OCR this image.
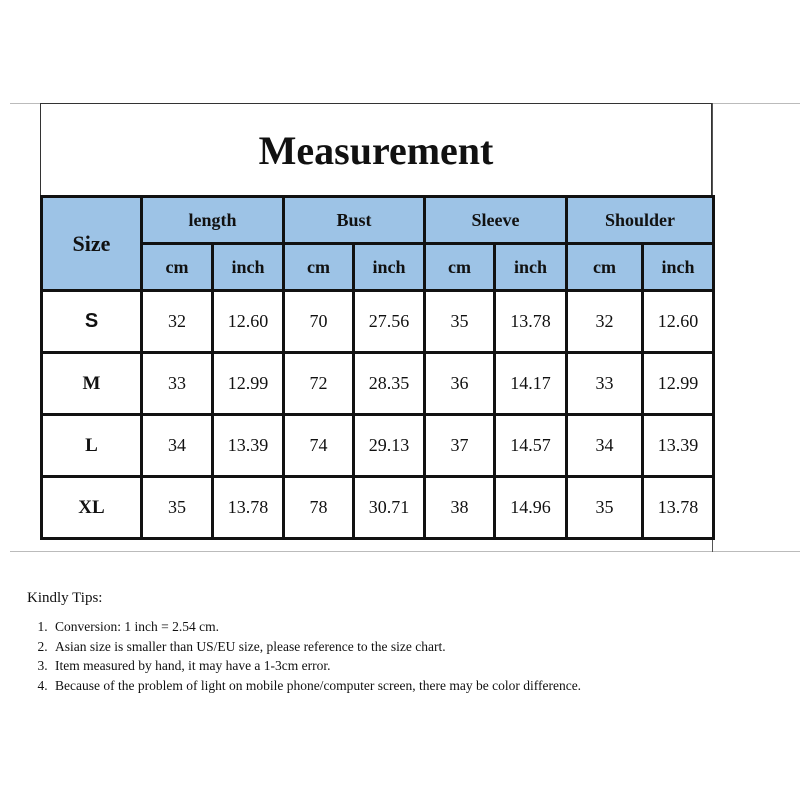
Measurement
Size	length		Bust		Sleeve		Shoulder	
	cm	inch	cm	inch	cm	inch	cm	inch
S	32	12.60	70	27.56	35	13.78	32	12.60
M	33	12.99	72	28.35	36	14.17	33	12.99
L	34	13.39	74	29.13	37	14.57	34	13.39
XL	35	13.78	78	30.71	38	14.96	35	13.78
Kindly Tips:
1. Conversion: 1 inch = 2.54 cm.
2. Asian size is smaller than US/EU size, please reference to the size chart.
3. Item measured by hand, it may have a 1-3cm error.
4. Because of the problem of light on mobile phone/computer screen, there may be color difference.
